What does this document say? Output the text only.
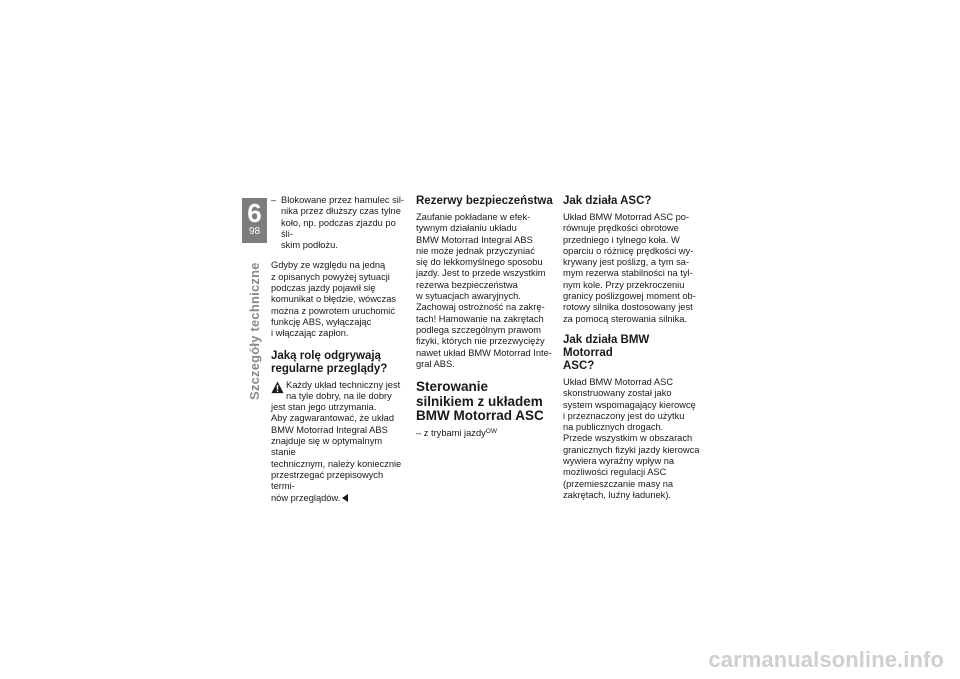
6
98
Szczegóły techniczne
– Blokowane przez hamulec sil-
nika przez dłuższy czas tylne
koło, np. podczas zjazdu po śli-
skim podłożu.

Gdyby ze względu na jedną
z opisanych powyżej sytuacji
podczas jazdy pojawił się
komunikat o błędzie, wówczas
można z powrotem uruchomić
funkcję ABS, wyłączając
i włączając zapłon.

Jaką rolę odgrywają
regularne przeglądy?

Każdy układ techniczny jest
na tyle dobry, na ile dobry

jest stan jego utrzymania.
Aby zagwarantować, że układ
BMW Motorrad Integral ABS
znajduje się w optymalnym stanie
technicznym, należy koniecznie
przestrzegać przepisowych termi-
nów przeglądów.

Rezerwy bezpieczeństwa

Zaufanie pokładane w efek-
tywnym działaniu układu
BMW Motorrad Integral ABS
nie może jednak przyczyniać
się do lekkomyślnego sposobu
jazdy. Jest to przede wszystkim
rezerwa bezpieczeństwa
w sytuacjach awaryjnych.
Zachowaj ostrożność na zakrę-
tach! Hamowanie na zakrętach
podlega szczególnym prawom
fizyki, których nie przezwycięży
nawet układ BMW Motorrad Inte-
gral ABS.

Sterowanie
silnikiem z układem
BMW Motorrad ASC

– z trybami jazdy$^{OW}$

Jak działa ASC?

Układ BMW Motorrad ASC po-
równuje prędkości obrotowe
przedniego i tylnego koła. W
oparciu o różnicę prędkości wy-
krywany jest poślizg, a tym sa-
mym rezerwa stabilności na tyl-
nym kole. Przy przekroczeniu
granicy poślizgowej moment ob-
rotowy silnika dostosowany jest
za pomocą sterowania silnika.

Jak działa BMW Motorrad
ASC?

Układ BMW Motorrad ASC
skonstruowany został jako
system wspomagający kierowcę
i przeznaczony jest do użytku
na publicznych drogach.
Przede wszystkim w obszarach
granicznych fizyki jazdy kierowca
wywiera wyraźny wpływ na
możliwości regulacji ASC
(przemieszczanie masy na
zakrętach, luźny ładunek).

carmanualsonline.info
